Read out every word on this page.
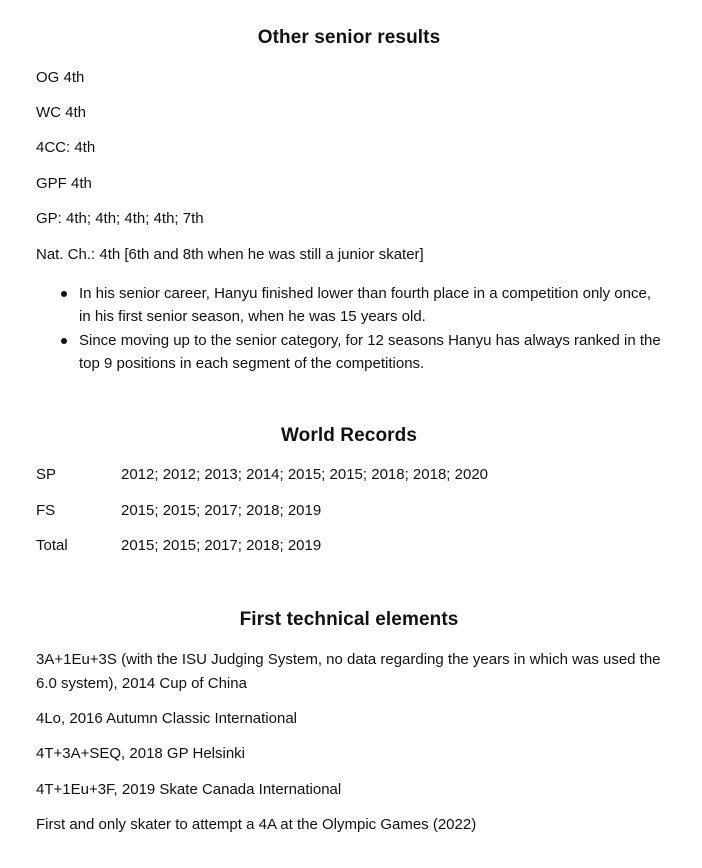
Other senior results
OG 4th
WC 4th
4CC: 4th
GPF 4th
GP: 4th; 4th; 4th; 4th; 7th
Nat. Ch.: 4th [6th and 8th when he was still a junior skater]
In his senior career, Hanyu finished lower than fourth place in a competition only once, in his first senior season, when he was 15 years old.
Since moving up to the senior category, for 12 seasons Hanyu has always ranked in the top 9 positions in each segment of the competitions.
World Records
SP	2012; 2012; 2013; 2014; 2015; 2015; 2018; 2018; 2020
FS	2015; 2015; 2017; 2018; 2019
Total	2015; 2015; 2017; 2018; 2019
First technical elements
3A+1Eu+3S (with the ISU Judging System, no data regarding the years in which was used the 6.0 system), 2014 Cup of China
4Lo, 2016 Autumn Classic International
4T+3A+SEQ, 2018 GP Helsinki
4T+1Eu+3F, 2019 Skate Canada International
First and only skater to attempt a 4A at the Olympic Games (2022)
